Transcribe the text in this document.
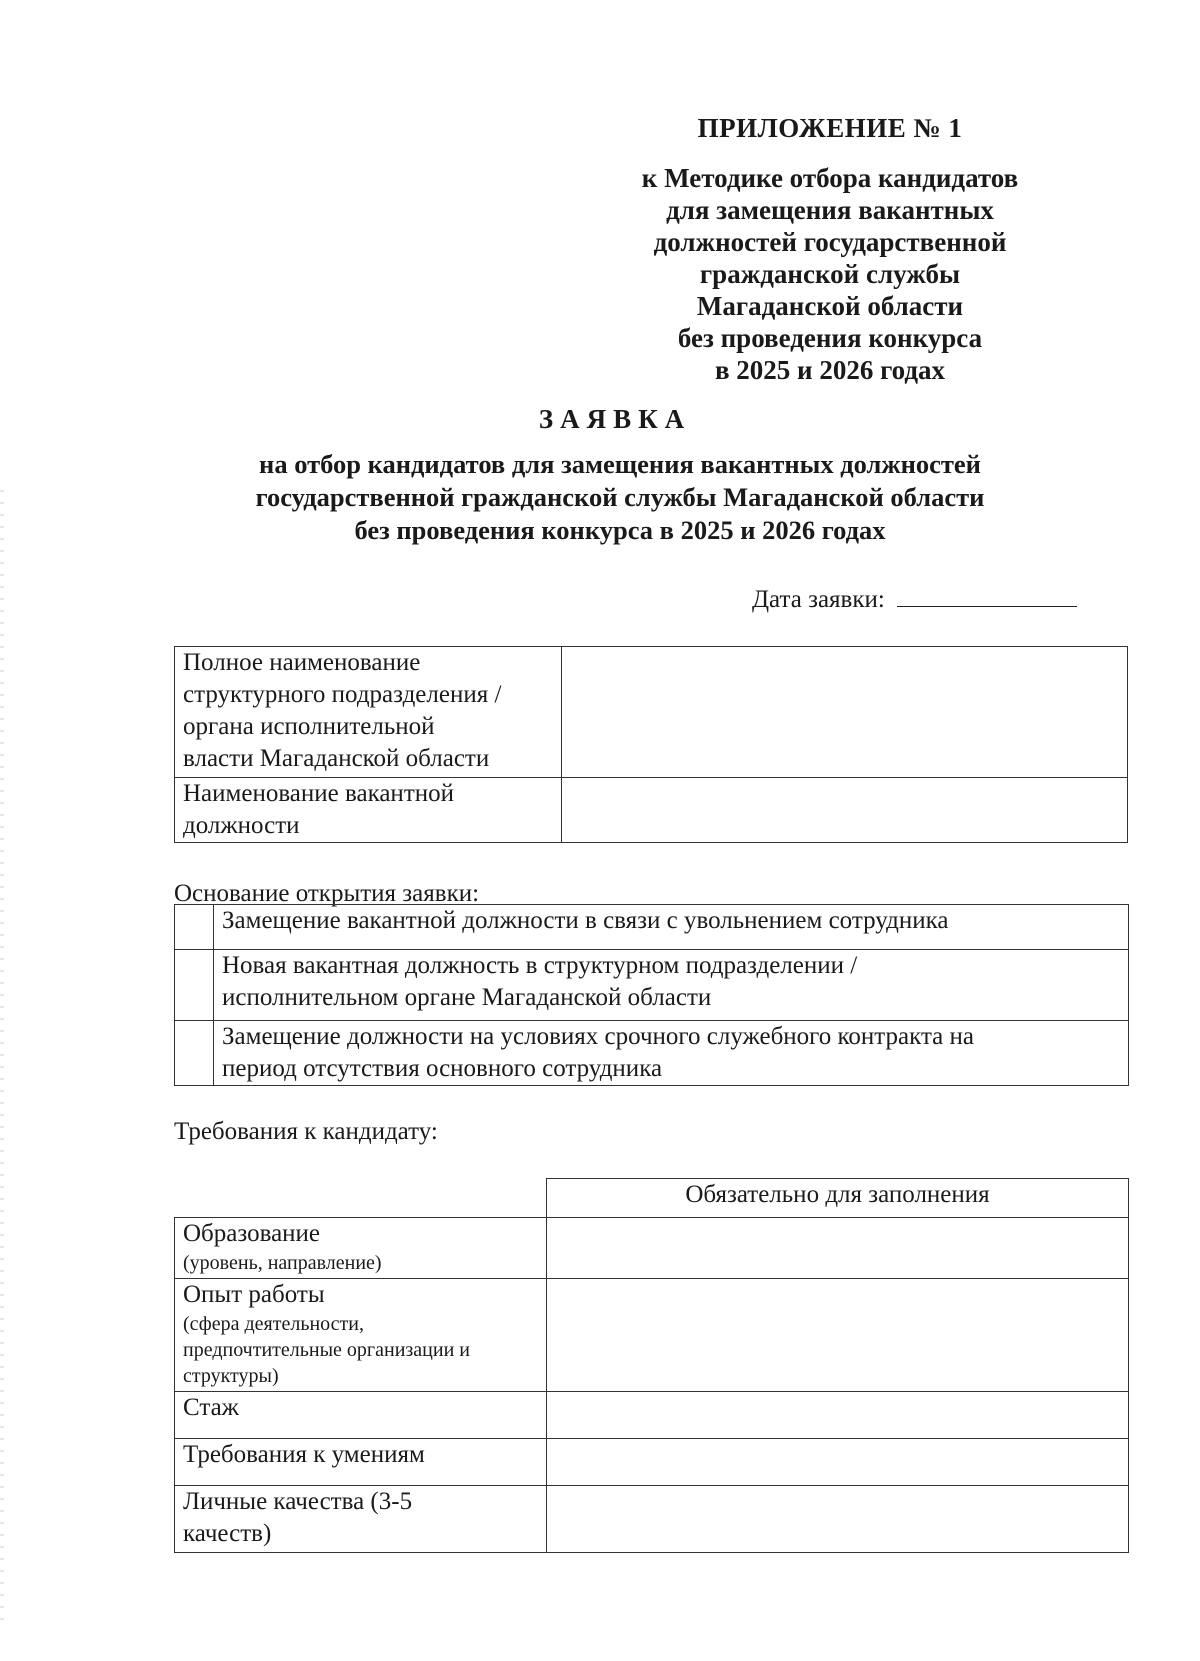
ПРИЛОЖЕНИЕ № 1
к Методике отбора кандидатов
для замещения вакантных
должностей государственной
гражданской службы
Магаданской области
без проведения конкурса
в 2025 и 2026 годах
ЗАЯВКА
на отбор кандидатов для замещения вакантных должностей
государственной гражданской службы Магаданской области
без проведения конкурса в 2025 и 2026 годах
Дата заявки:
Полное наименование
структурного подразделения /
органа исполнительной
власти Магаданской области	

Наименование вакантной
должности	

Основание открытия заявки:

	Замещение вакантной должности в связи с увольнением сотрудника

	Новая вакантная должность в структурном подразделении /
исполнительном органе Магаданской области

	Замещение должности на условиях срочного служебного контракта на
период отсутствия основного сотрудника
Требования к кандидату:
	Обязательно для заполнения

Образование
(уровень, направление)	

Опыт работы
(сфера деятельности,
предпочтительные организации и
структуры)	

Стаж	

Требования к умениям	

Личные качества (3-5
качеств)	
